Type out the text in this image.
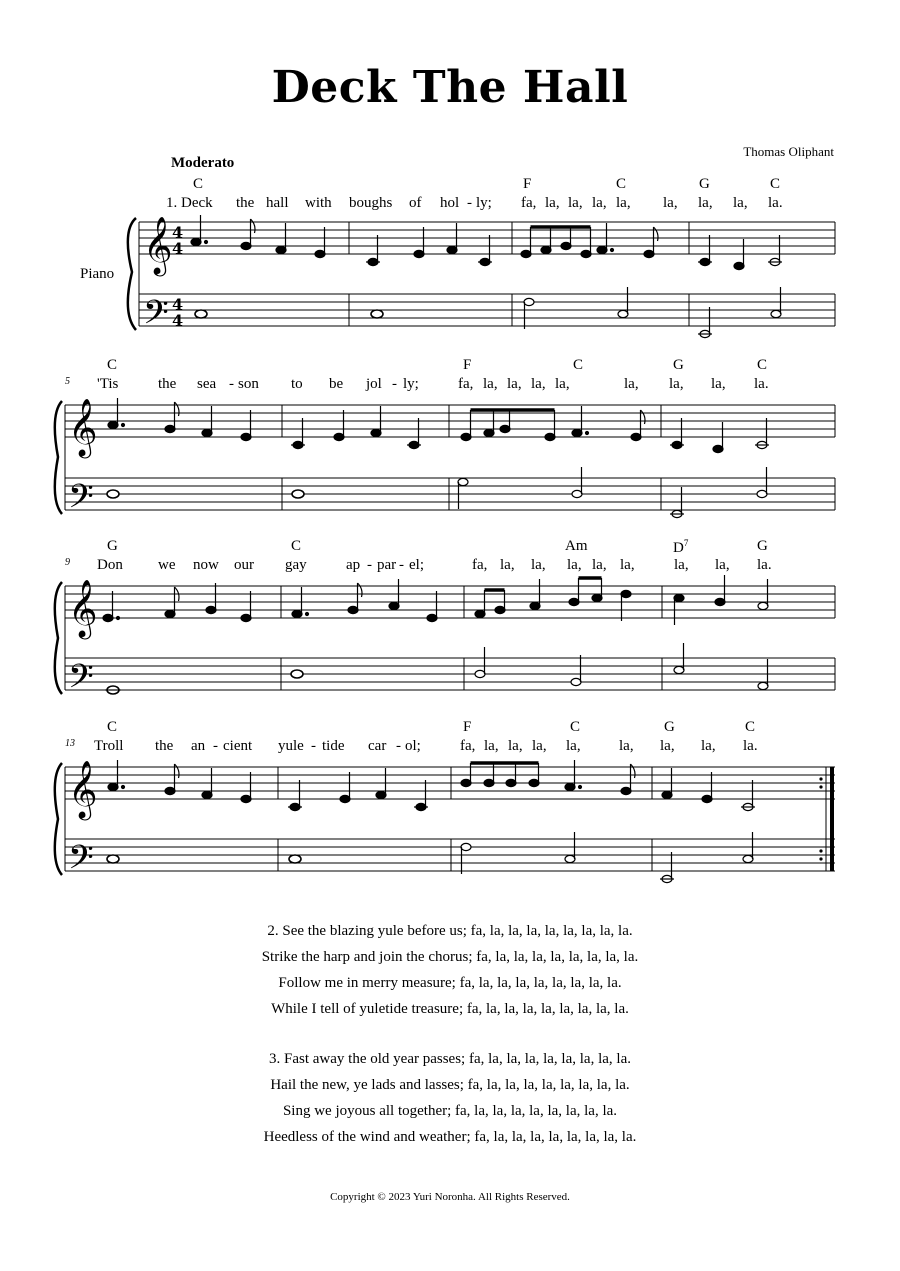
Deck The Hall
Thomas Oliphant
Moderato
Piano
C	F	C	G	C
1. Deck the hall with boughs of hol - ly; fa, la, la, la, la, la, la, la, la.
𝄞
𝄢
4
4
4
4
5
C	F	C	G	C
'Tis	the sea - son to be jol - ly;	fa, la, la, la, la,	la, la, la, la.
𝄞
𝄢
9
G	C	Am	$D^7$	G
Don we now our gay	ap - par - el;	fa, la, la, la, la, la,	la, la, la.
𝄞
𝄢
13
C	F	C	G	C
Troll the an - cient yule - tide car - ol;	fa, la, la, la, la,	la, la, la, la.
𝄞
𝄢
2. See the blazing yule before us; fa, la, la, la, la, la, la, la, la.
Strike the harp and join the chorus; fa, la, la, la, la, la, la, la, la.
Follow me in merry measure; fa, la, la, la, la, la, la, la, la.
While I tell of yuletide treasure; fa, la, la, la, la, la, la, la, la.
3. Fast away the old year passes; fa, la, la, la, la, la, la, la, la.
Hail the new, ye lads and lasses; fa, la, la, la, la, la, la, la, la.
Sing we joyous all together; fa, la, la, la, la, la, la, la, la.
Heedless of the wind and weather; fa, la, la, la, la, la, la, la, la.
Copyright © 2023 Yuri Noronha. All Rights Reserved.
